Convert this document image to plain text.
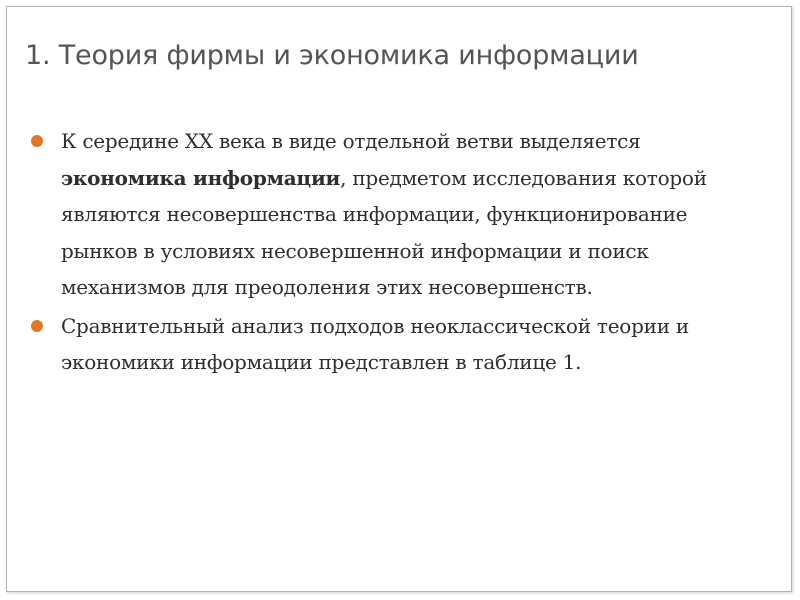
1. Теория фирмы и экономика информации
К середине XX века в виде отдельной ветви выделяется экономика информации, предметом исследования которой являются несовершенства информации, функционирование рынков в условиях несовершенной информации и поиск механизмов для преодоления этих несовершенств.
Сравнительный анализ подходов неоклассической теории и экономики информации представлен в таблице 1.
